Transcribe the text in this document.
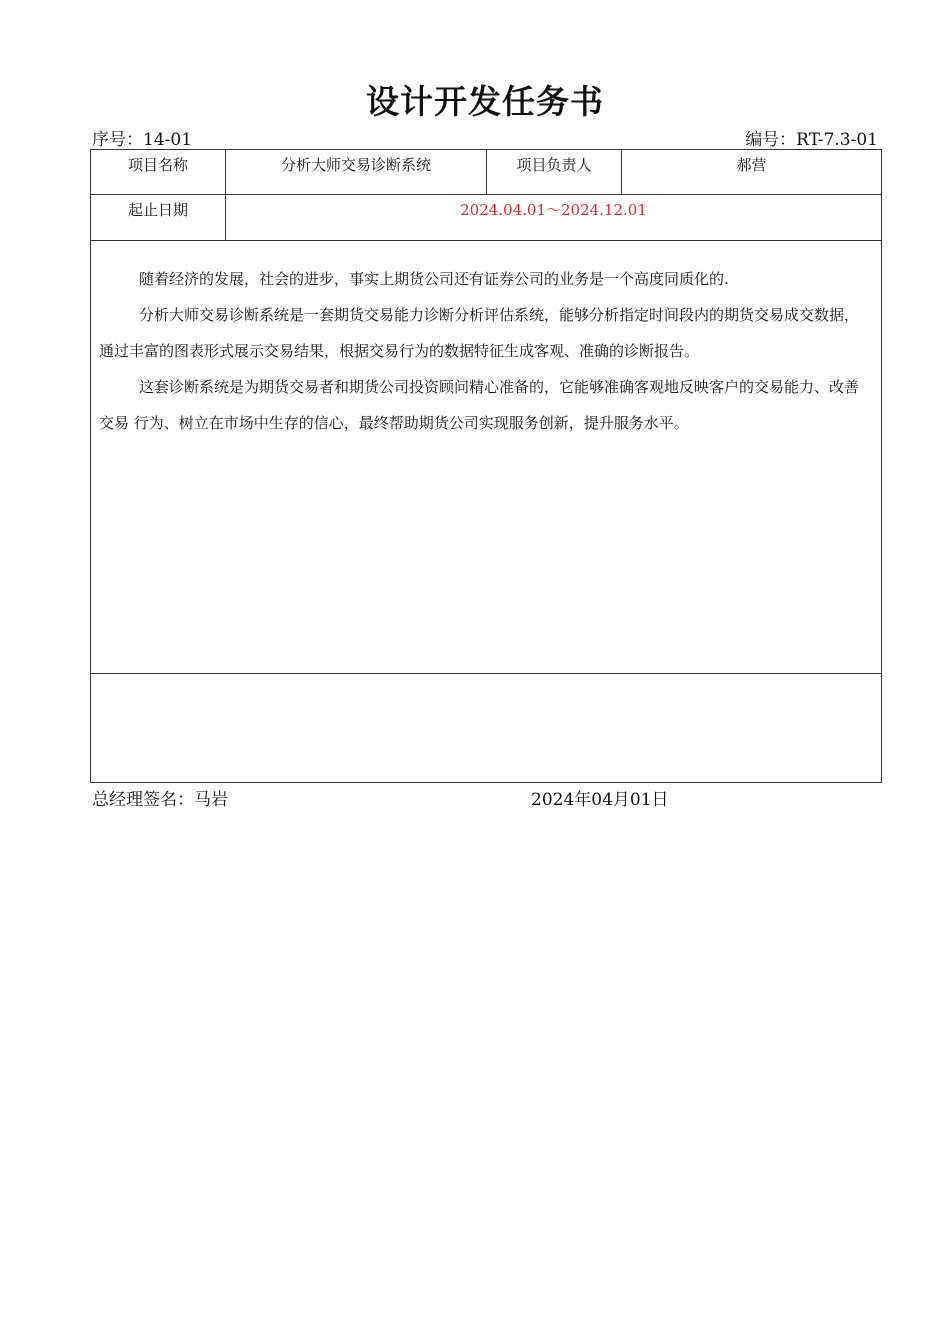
设计开发任务书
序号：14-01	编号：RT-7.3-01
项目名称	分析大师交易诊断系统	项目负责人	郝营
起止日期	2024.04.01～2024.12.01		

随着经济的发展，社会的进步，事实上期货公司还有证券公司的业务是一个高度同质化的.

分析大师交易诊断系统是一套期货交易能力诊断分析评估系统，能够分析指定时间段内的期货交易成交数据，通过丰富的图表形式展示交易结果，根据交易行为的数据特征生成客观、准确的诊断报告。

这套诊断系统是为期货交易者和期货公司投资顾问精心准备的，它能够准确客观地反映客户的交易能力、改善交易 行为、树立在市场中生存的信心，最终帮助期货公司实现服务创新，提升服务水平。			

总经理签名：马岩	2024年04月01日
